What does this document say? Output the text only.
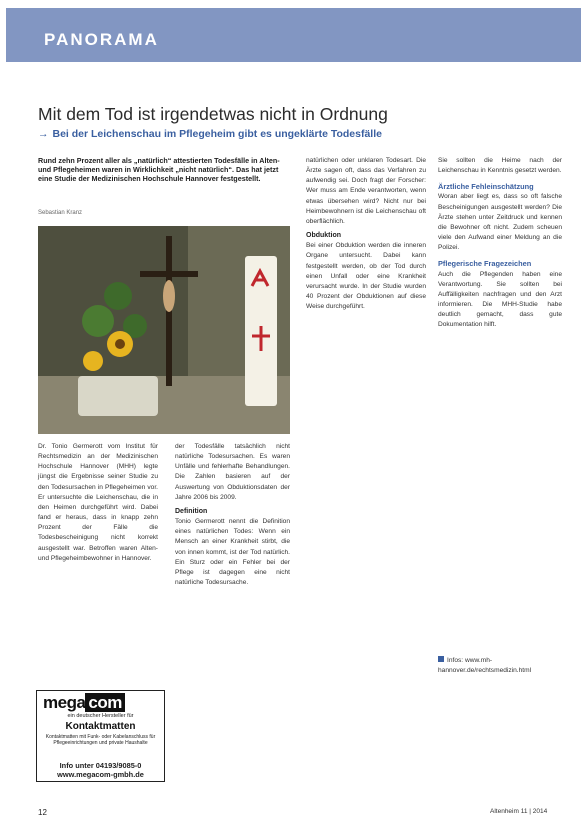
PANORAMA
Mit dem Tod ist irgendetwas nicht in Ordnung
→ Bei der Leichenschau im Pflegeheim gibt es ungeklärte Todesfälle
Rund zehn Prozent aller als „natürlich“ attestierten Todesfälle in Alten- und Pflegeheimen waren in Wirklichkeit „nicht natürlich“. Das hat jetzt eine Studie der Medizinischen Hochschule Hannover festgestellt.
Sebastian Kranz

Dr. Tonio Germerott vom Institut für Rechtsmedizin an der Medizinischen Hochschule Hannover (MHH) legte jüngst die Ergebnisse seiner Studie zu den Todesursachen in Pflegeheimen vor. Er untersuchte die Leichenschau, die in den Heimen durchgeführt wird. Dabei fand er heraus, dass in knapp zehn Prozent der Fälle die Todesbescheinigung nicht korrekt ausgestellt war. Betroffen waren Alten- und Pflegeheimbewohner in Hannover.

mega com
ein deutscher Hersteller für
Kontaktmatten
Kontaktmatten mit Funk- oder Kabelanschluss für Pflegeeinrichtungen und private Haushalte
Info unter 04193/9085-0
www.megacom-gmbh.de

der Todesfälle tatsächlich nicht natürliche Todesursachen. Es waren Unfälle und fehlerhafte Behandlungen. Die Zahlen basieren auf der Auswertung von Obduktionsdaten der Jahre 2006 bis 2009.

Definition

Tonio Germerott nennt die Definition eines natürlichen Todes: Wenn ein Mensch an einer Krankheit stirbt, die von innen kommt, ist der Tod natürlich. Ein Sturz oder ein Fehler bei der Pflege ist dagegen eine nicht natürliche Todesursache.

natürlichen oder unklaren Todesart. Die Ärzte sagen oft, dass das Verfahren zu aufwendig sei. Doch fragt der Forscher: Wer muss am Ende verantworten, wenn etwas übersehen wird? Nicht nur bei Heimbewohnern ist die Leichenschau oft oberflächlich.

Obduktion

Bei einer Obduktion werden die inneren Organe untersucht. Dabei kann festgestellt werden, ob der Tod durch einen Unfall oder eine Krankheit verursacht wurde. In der Studie wurden 40 Prozent der Obduktionen auf diese Weise durchgeführt.

Sie sollten die Heime nach der Leichenschau in Kenntnis gesetzt werden.

Ärztliche Fehleinschätzung

Woran aber liegt es, dass so oft falsche Bescheinigungen ausgestellt werden? Die Ärzte stehen unter Zeitdruck und kennen die Bewohner oft nicht. Zudem scheuen viele den Aufwand einer Meldung an die Polizei.

Pflegerische Fragezeichen

Auch die Pflegenden haben eine Verantwortung. Sie sollten bei Auffälligkeiten nachfragen und den Arzt informieren. Die MHH-Studie habe deutlich gemacht, dass gute Dokumentation hilft.

Infos: www.mh-hannover.de/rechtsmedizin.html
12	Altenheim 11 | 2014
